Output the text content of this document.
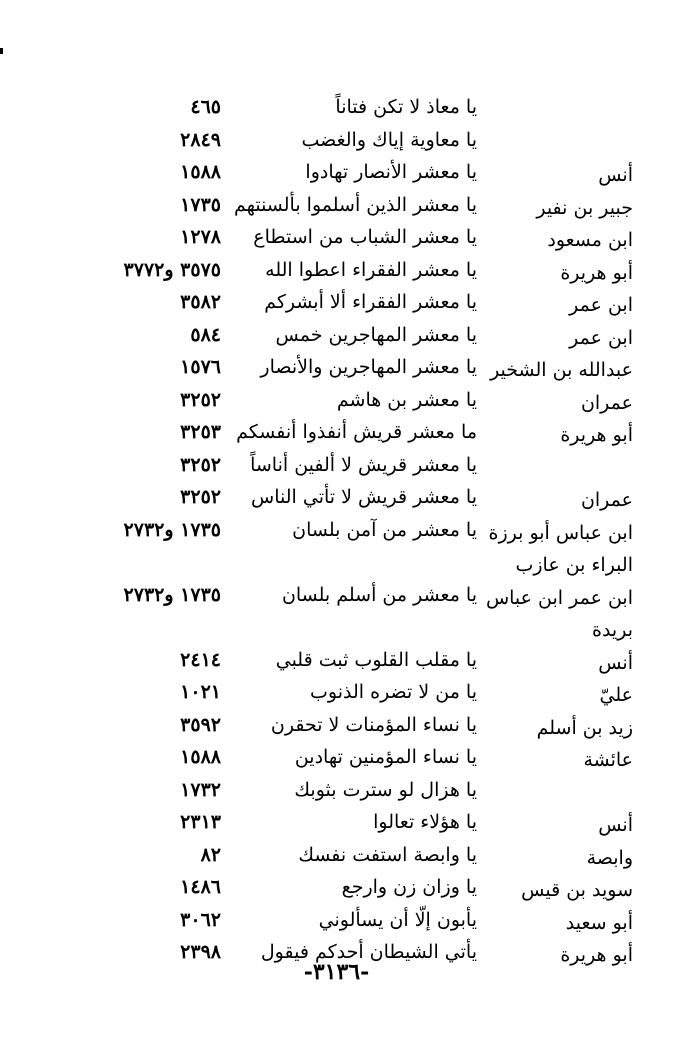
يا معاذ لا تكن فتاناً
٤٦٥
يا معاوية إياك والغضب
٢٨٤٩
أنس
يا معشر الأنصار تهادوا
١٥٨٨
جبير بن نفير
يا معشر الذين أسلموا بألسنتهم
١٧٣٥
ابن مسعود
يا معشر الشباب من استطاع
١٢٧٨
أبو هريرة
يا معشر الفقراء اعطوا الله
٣٥٧٥ و٣٧٧٢
ابن عمر
يا معشر الفقراء ألا أبشركم
٣٥٨٢
ابن عمر
يا معشر المهاجرين خمس
٥٨٤
عبدالله بن الشخير
يا معشر المهاجرين والأنصار
١٥٧٦
عمران
يا معشر بن هاشم
٣٢٥٢
أبو هريرة
ما معشر قريش أنفذوا أنفسكم
٣٢٥٣
يا معشر قريش لا ألفين أناساً
٣٢٥٢
عمران
يا معشر قريش لا تأتي الناس
٣٢٥٢
ابن عباس أبو برزة
يا معشر من آمن بلسان
١٧٣٥ و٢٧٣٢
البراء بن عازب
ابن عمر ابن عباس
يا معشر من أسلم بلسان
١٧٣٥ و٢٧٣٢
بريدة
أنس
يا مقلب القلوب ثبت قلبي
٢٤١٤
عليّ
يا من لا تضره الذنوب
١٠٢١
زيد بن أسلم
يا نساء المؤمنات لا تحقرن
٣٥٩٢
عائشة
يا نساء المؤمنين تهادين
١٥٨٨
يا هزال لو سترت بثوبك
١٧٣٢
أنس
يا هؤلاء تعالوا
٢٣١٣
وابصة
يا وابصة استفت نفسك
٨٢
سويد بن قيس
يا وزان زن وارجع
١٤٨٦
أبو سعيد
يأبون إلّا أن يسألوني
٣٠٦٢
أبو هريرة
يأتي الشيطان أحدكم فيقول
٢٣٩٨
-٣١٣٦-
